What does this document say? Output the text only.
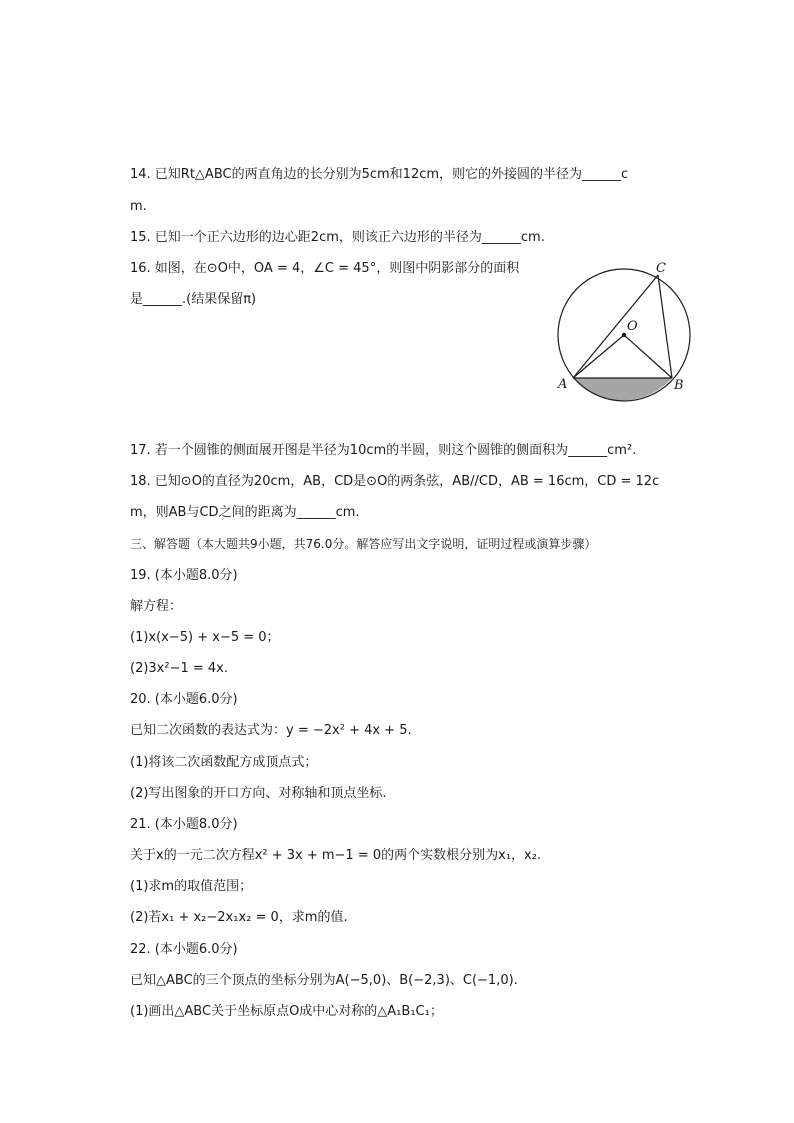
14. 已知Rt△ABC的两直角边的长分别为5cm和12cm，则它的外接圆的半径为______c
m.
15. 已知一个正六边形的边心距2cm，则该正六边形的半径为______cm.
16. 如图，在⊙O中，OA = 4，∠C = 45°，则图中阴影部分的面积
是______.(结果保留π)
O
A	B
C
17. 若一个圆锥的侧面展开图是半径为10cm的半圆，则这个圆锥的侧面积为______cm².
18. 已知⊙O的直径为20cm，AB，CD是⊙O的两条弦，AB//CD，AB = 16cm，CD = 12c
m，则AB与CD之间的距离为______cm.
三、解答题（本大题共9小题，共76.0分。解答应写出文字说明，证明过程或演算步骤）
19. (本小题8.0分)
解方程：
(1)x(x−5) + x−5 = 0；
(2)3x²−1 = 4x.
20. (本小题6.0分)
已知二次函数的表达式为：y = −2x² + 4x + 5.
(1)将该二次函数配方成顶点式；
(2)写出图象的开口方向、对称轴和顶点坐标.
21. (本小题8.0分)
关于x的一元二次方程x² + 3x + m−1 = 0的两个实数根分别为x₁，x₂.
(1)求m的取值范围；
(2)若x₁ + x₂−2x₁x₂ = 0，求m的值.
22. (本小题6.0分)
已知△ABC的三个顶点的坐标分别为A(−5,0)、B(−2,3)、C(−1,0).
(1)画出△ABC关于坐标原点O成中心对称的△A₁B₁C₁；
